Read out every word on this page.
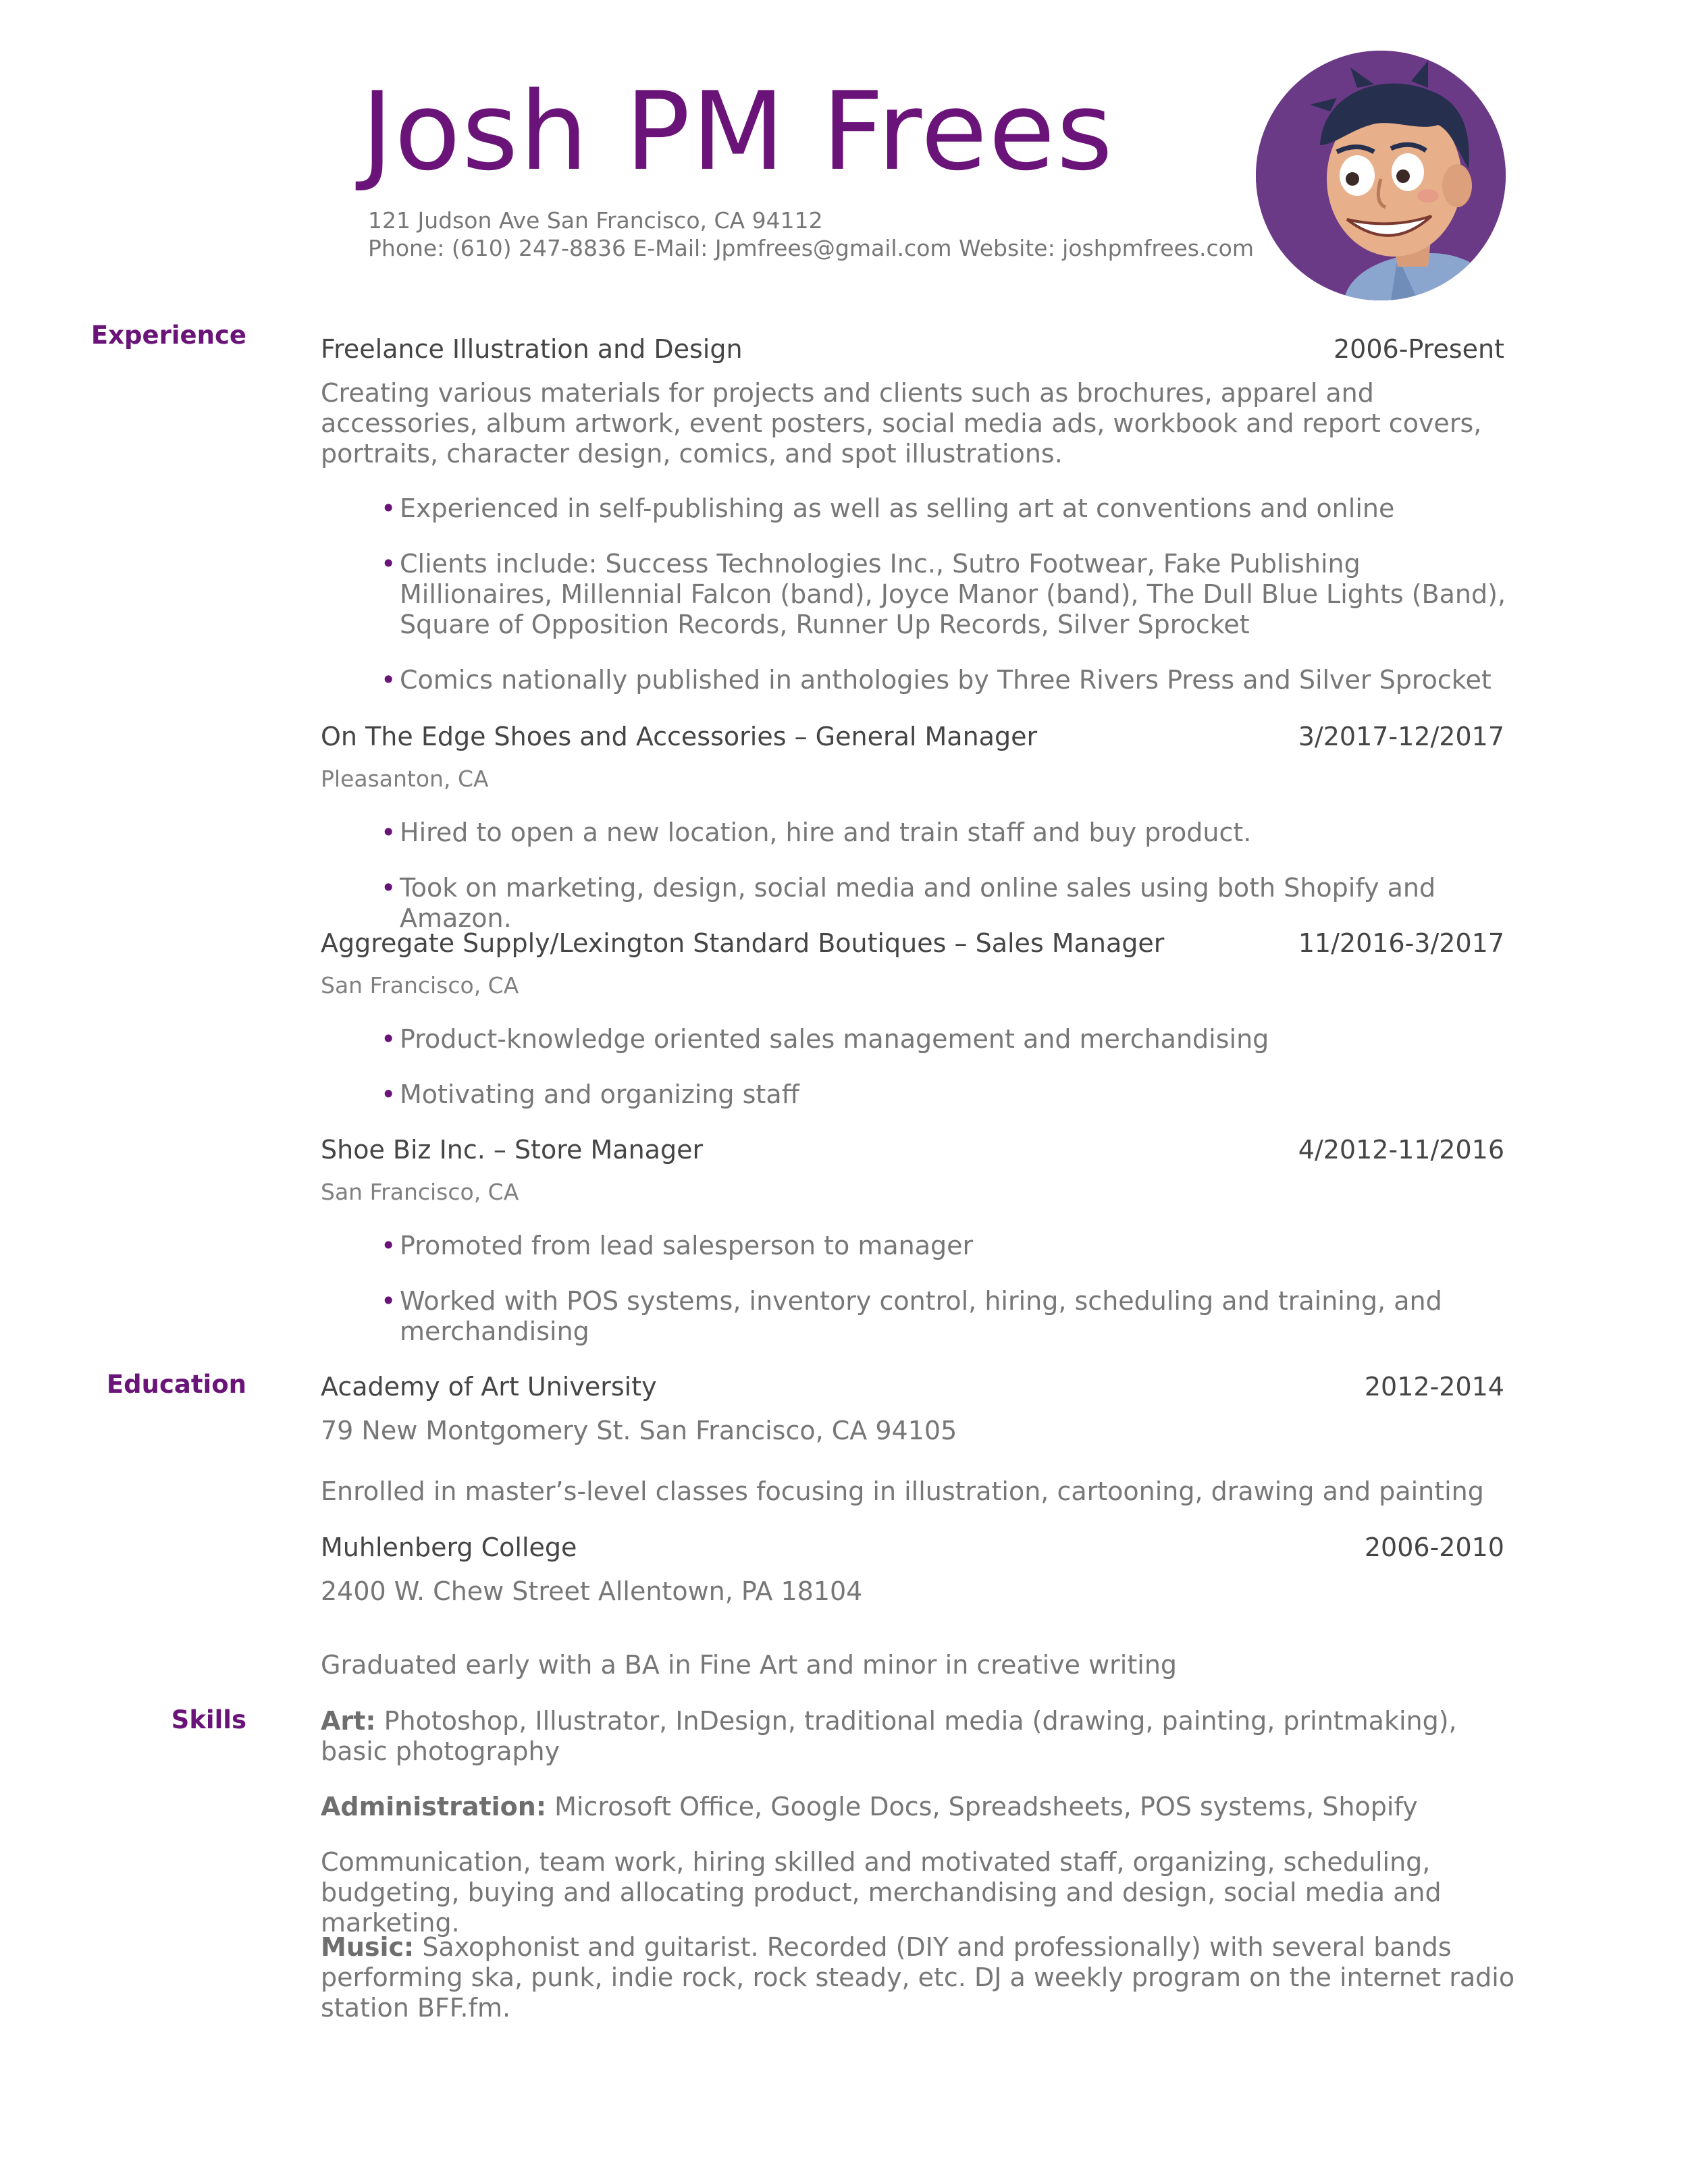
Josh PM Frees
121 Judson Ave San Francisco, CA 94112
Phone: (610) 247-8836 E-Mail: Jpmfrees@gmail.com Website: joshpmfrees.com
Experience
Education
Skills
Freelance Illustration and Design	2006-Present
Creating various materials for projects and clients such as brochures, apparel and accessories, album artwork, event posters, social media ads, workbook and report covers, portraits, character design, comics, and spot illustrations.
• Experienced in self-publishing as well as selling art at conventions and online
• Clients include: Success Technologies Inc., Sutro Footwear, Fake Publishing Millionaires, Millennial Falcon (band), Joyce Manor (band), The Dull Blue Lights (Band), Square of Opposition Records, Runner Up Records, Silver Sprocket
• Comics nationally published in anthologies by Three Rivers Press and Silver Sprocket
On The Edge Shoes and Accessories – General Manager	3/2017-12/2017
Pleasanton, CA
• Hired to open a new location, hire and train staff and buy product.
• Took on marketing, design, social media and online sales using both Shopify and Amazon.
Aggregate Supply/Lexington Standard Boutiques – Sales Manager	11/2016-3/2017
San Francisco, CA
• Product-knowledge oriented sales management and merchandising
• Motivating and organizing staff
Shoe Biz Inc. – Store Manager	4/2012-11/2016
San Francisco, CA
• Promoted from lead salesperson to manager
• Worked with POS systems, inventory control, hiring, scheduling and training, and merchandising
Academy of Art University	2012-2014
79 New Montgomery St. San Francisco, CA 94105
Enrolled in master’s-level classes focusing in illustration, cartooning, drawing and painting
Muhlenberg College	2006-2010
2400 W. Chew Street Allentown, PA 18104
Graduated early with a BA in Fine Art and minor in creative writing
Art: Photoshop, Illustrator, InDesign, traditional media (drawing, painting, printmaking), basic photography
Administration: Microsoft Office, Google Docs, Spreadsheets, POS systems, Shopify
Communication, team work, hiring skilled and motivated staff, organizing, scheduling, budgeting, buying and allocating product, merchandising and design, social media and marketing.
Music: Saxophonist and guitarist. Recorded (DIY and professionally) with several bands performing ska, punk, indie rock, rock steady, etc. DJ a weekly program on the internet radio station BFF.fm.
